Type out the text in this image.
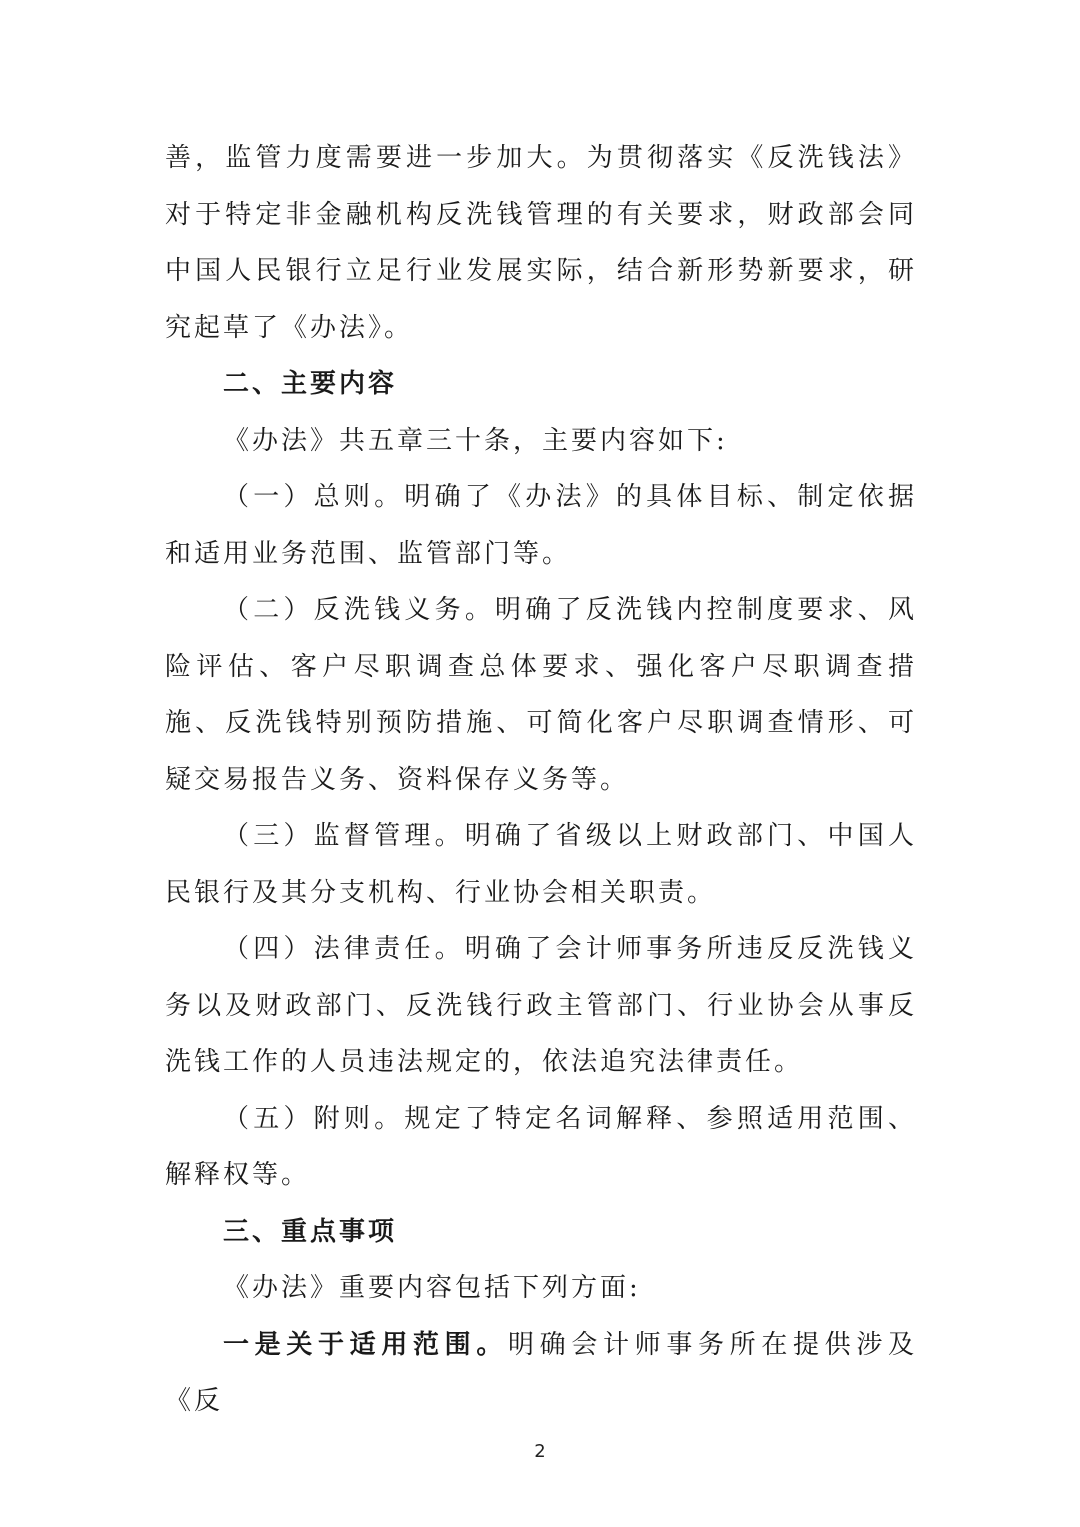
善，监管力度需要进一步加大。为贯彻落实《反洗钱法》对于特定非金融机构反洗钱管理的有关要求，财政部会同中国人民银行立足行业发展实际，结合新形势新要求，研究起草了《办法》。

二、主要内容

《办法》共五章三十条，主要内容如下:

（一）总则。明确了《办法》的具体目标、制定依据和适用业务范围、监管部门等。

（二）反洗钱义务。明确了反洗钱内控制度要求、风险评估、客户尽职调查总体要求、强化客户尽职调查措施、反洗钱特别预防措施、可简化客户尽职调查情形、可疑交易报告义务、资料保存义务等。

（三）监督管理。明确了省级以上财政部门、中国人民银行及其分支机构、行业协会相关职责。

（四）法律责任。明确了会计师事务所违反反洗钱义务以及财政部门、反洗钱行政主管部门、行业协会从事反洗钱工作的人员违法规定的，依法追究法律责任。

（五）附则。规定了特定名词解释、参照适用范围、解释权等。

三、重点事项

《办法》重要内容包括下列方面:

一是关于适用范围。明确会计师事务所在提供涉及《反

2
